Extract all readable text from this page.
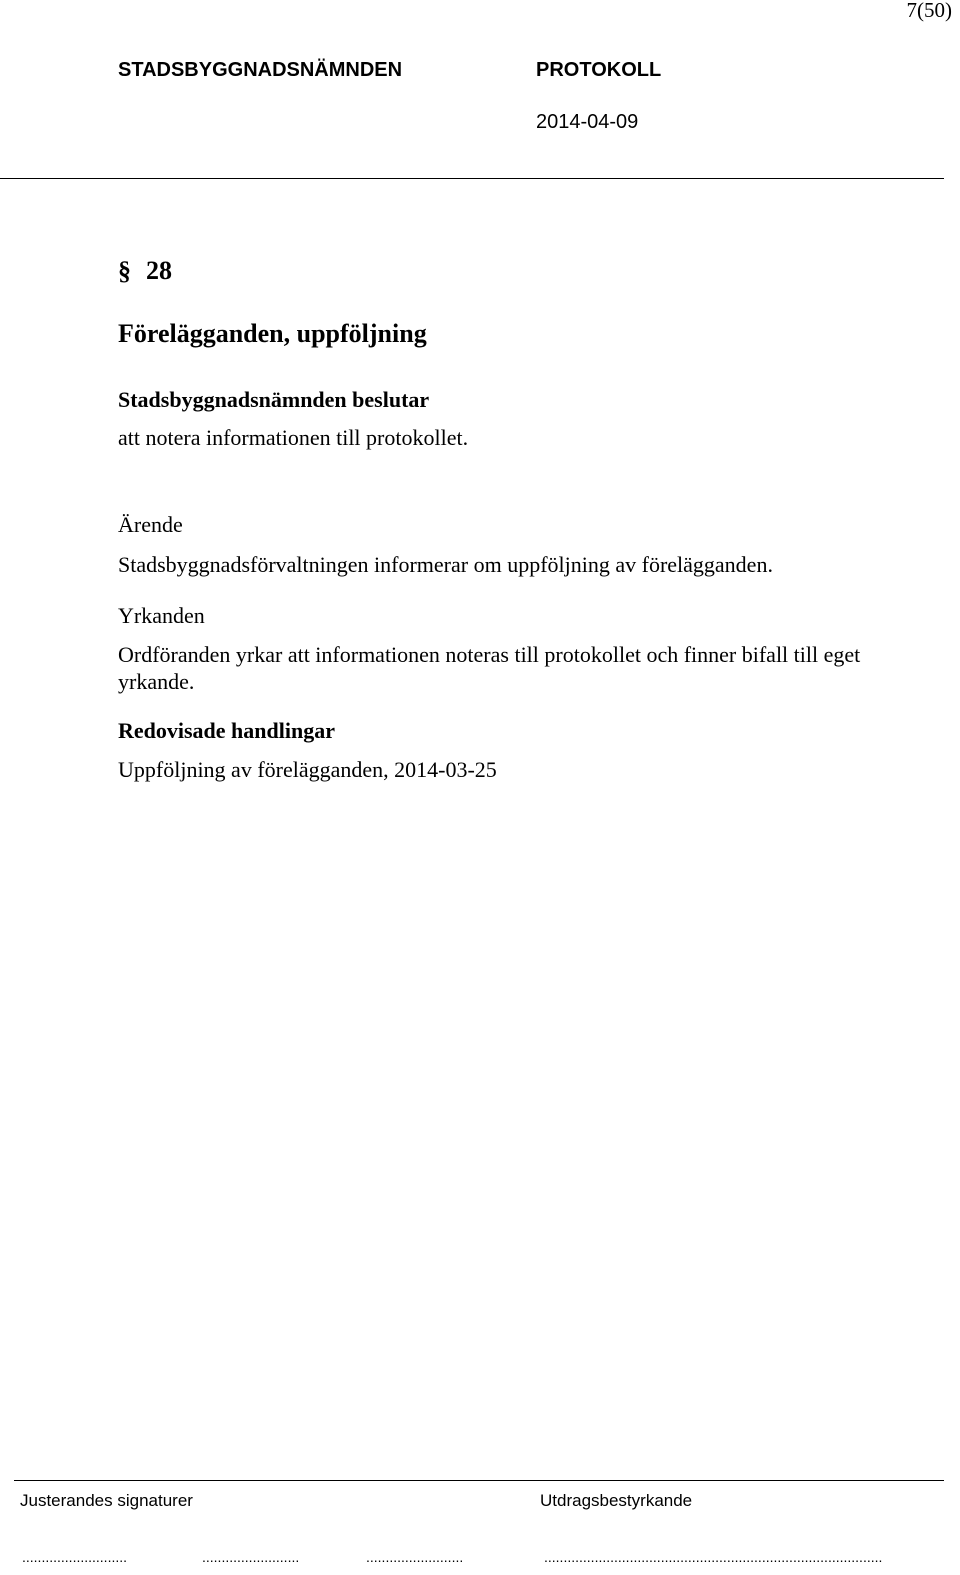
7(50)
STADSBYGGNADSNÄMNDEN	PROTOKOLL
2014-04-09
§ 28
Förelägganden, uppföljning
Stadsbyggnadsnämnden beslutar
att notera informationen till protokollet.
Ärende
Stadsbyggnadsförvaltningen informerar om uppföljning av förelägganden.
Yrkanden
Ordföranden yrkar att informationen noteras till protokollet och finner bifall till eget yrkande.
Redovisade handlingar
Uppföljning av förelägganden, 2014-03-25
Justerandes signaturer	Utdragsbestyrkande
...........................	.........................	.........................	.......................................................................................
